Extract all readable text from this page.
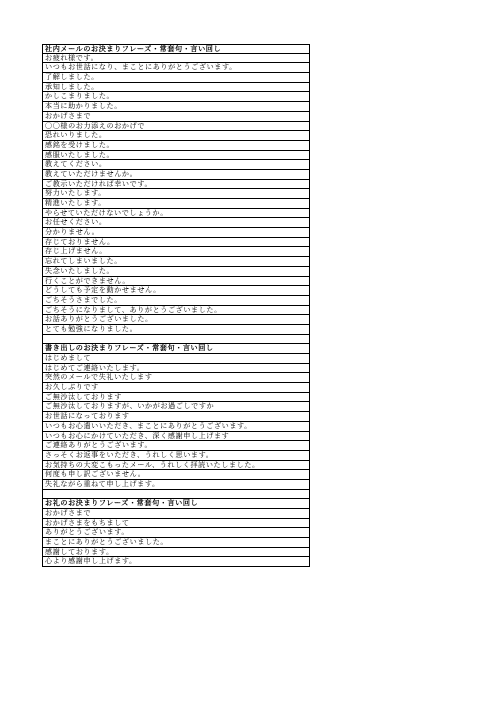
社内メールのお決まりフレーズ・常套句・言い回し
お疲れ様です。
いつもお世話になり、まことにありがとうございます。
了解しました。
承知しました。
かしこまりました。
本当に助かりました。
おかげさまで
〇〇様のお力添えのおかげで
恐れいりました。
感銘を受けました。
感服いたしました。
教えてください。
教えていただけませんか。
ご教示いただければ幸いです。
努力いたします。
精進いたします。
やらせていただけないでしょうか。
お任せください。
分かりません。
存じておりません。
存じ上げません。
忘れてしまいました。
失念いたしました。
行くことができません。
どうしても予定を動かせません。
ごちそうさまでした。
ごちそうになりまして、ありがとうございました。
お話ありがとうございました。
とても勉強になりました。
書き出しのお決まりフレーズ・常套句・言い回し
はじめまして
はじめてご連絡いたします。
突然のメールで失礼いたします
お久しぶりです
ご無沙汰しております
ご無沙汰しておりますが、いかがお過ごしですか
お世話になっております
いつもお心遣いいただき、まことにありがとうございます。
いつもお心にかけていただき、深く感謝申し上げます
ご連絡ありがとうございます。
さっそくお返事をいただき、うれしく思います。
お気持ちの大変こもったメール、うれしく拝読いたしました。
何度も申し訳ございません。
失礼ながら重ねて申し上げます。
お礼のお決まりフレーズ・常套句・言い回し
おかげさまで
おかげさまをもちまして
ありがとうございます。
まことにありがとうございました。
感謝しております。
心より感謝申し上げます。
